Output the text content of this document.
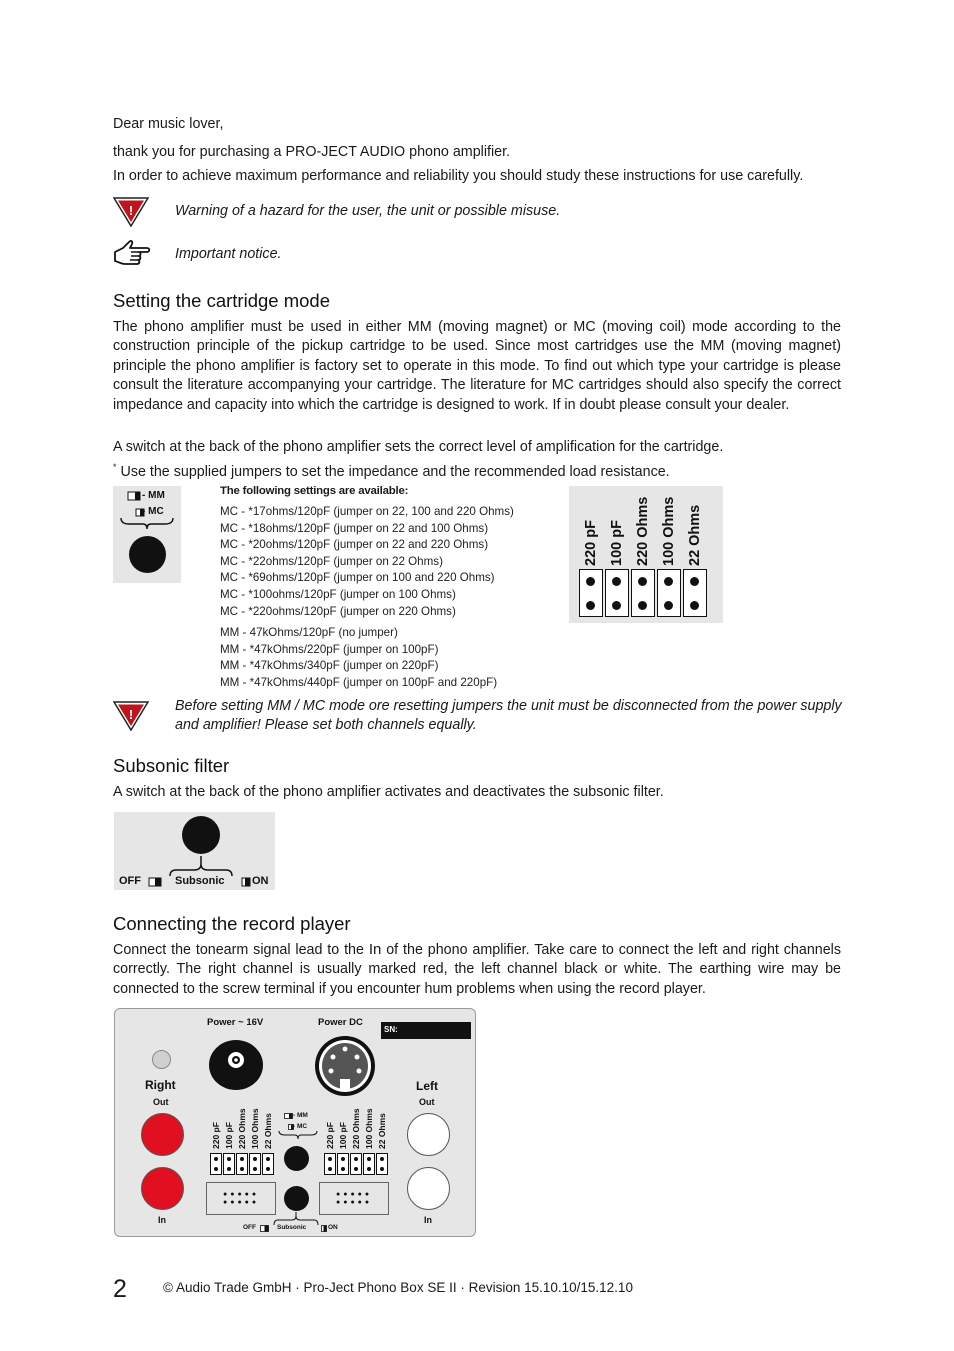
Dear music lover,
thank you for purchasing a PRO-JECT AUDIO phono amplifier.
In order to achieve maximum performance and reliability you should study these instructions for use carefully.
!	Warning of a hazard for the user, the unit or possible misuse.
Important notice.
Setting the cartridge mode
The phono amplifier must be used in either MM (moving magnet) or MC (moving coil) mode according to the construction principle of the pickup cartridge to be used. Since most cartridges use the MM (moving magnet) principle the phono amplifier is factory set to operate in this mode. To find out which type your cartridge is please consult the literature accompanying your cartridge. The literature for MC cartridges should also specify the correct impedance and capacity into which the cartridge is designed to work. If in doubt please consult your dealer.
A switch at the back of the phono amplifier sets the correct level of amplification for the cartridge.
* Use the supplied jumpers to set the impedance and the recommended load resistance.
- MM
- MC
The following settings are available:
MC - *17ohms/120pF (jumper on 22, 100 and 220 Ohms)
MC - *18ohms/120pF (jumper on 22 and 100 Ohms)
MC - *20ohms/120pF (jumper on 22 and 220 Ohms)
MC - *22ohms/120pF (jumper on 22 Ohms)
MC - *69ohms/120pF (jumper on 100 and 220 Ohms)
MC - *100ohms/120pF (jumper on 100 Ohms)
MC - *220ohms/120pF (jumper on 220 Ohms)
MM - 47kOhms/120pF (no jumper)
MM - *47kOhms/220pF (jumper on 100pF)
MM - *47kOhms/340pF (jumper on 220pF)
MM - *47kOhms/440pF (jumper on 100pF and 220pF)
220 pF 100 pF 220 Ohms 100 Ohms 22 Ohms
!
Before setting MM / MC mode ore resetting jumpers the unit must be disconnected from the power supply and amplifier! Please set both channels equally.
Subsonic filter
A switch at the back of the phono amplifier activates and deactivates the subsonic filter.
OFF	Subsonic ON
Connecting the record player
Connect the tonearm signal lead to the In of the phono amplifier. Take care to connect the left and right channels correctly. The right channel is usually marked red, the left channel black or white. The earthing wire may be connected to the screw terminal if you encounter hum problems when using the record player.
Power ~ 16V	Power DC
SN:
Right
Out
Left
Out
In	In
220 pF 100 pF 220 Ohms 100 Ohms 22 Ohms	220 pF 100 pF 220 Ohms 100 Ohms 22 Ohms
- MM
- MC
●●●●●
●●●●●
●●●●●
●●●●●
OFF	Subsonic	ON
2	© Audio Trade GmbH · Pro-Ject Phono Box SE II · Revision 15.10.10/15.12.10
